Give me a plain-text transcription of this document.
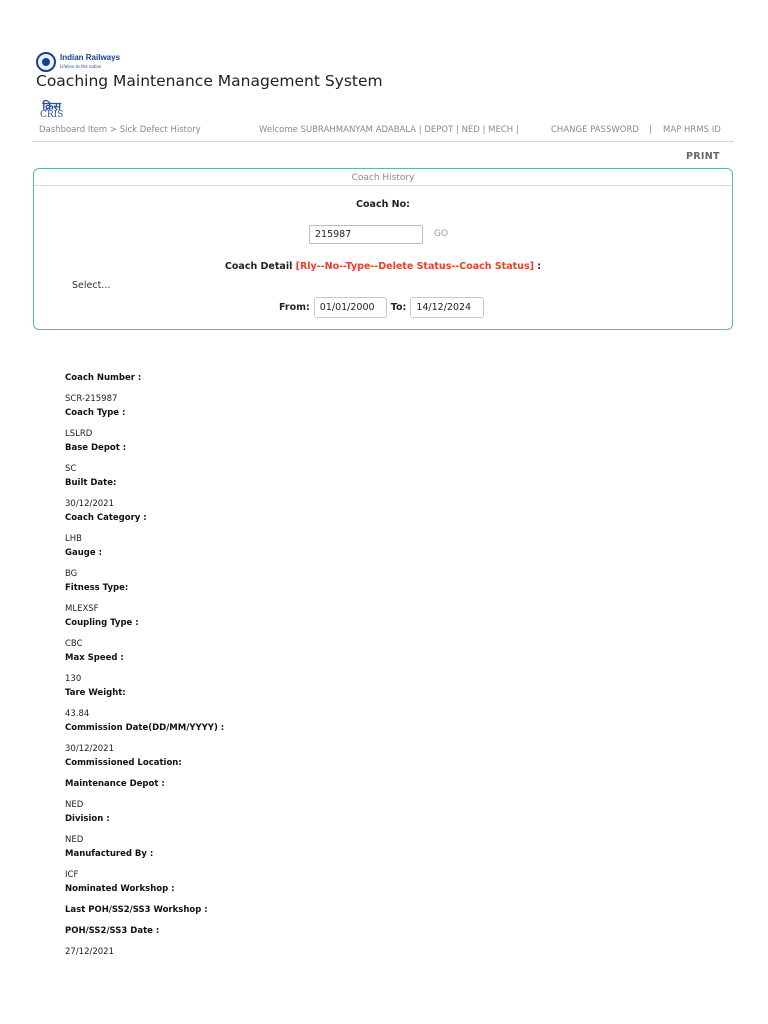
Indian Railways
Lifeline to the nation
Coaching Maintenance Management System
क्रिस
CRIS
Dashboard Item > Sick Defect History	Welcome SUBRAHMANYAM ADABALA | DEPOT | NED | MECH |	CHANGE PASSWORD | MAP HRMS ID
PRINT
Coach History
Coach No:
215987
GO
Coach Detail [Rly--No--Type--Delete Status--Coach Status] :
Select...
From:
01/01/2000	To:
14/12/2024
Coach Number :
SCR-215987
Coach Type :
LSLRD
Base Depot :
SC
Built Date:
30/12/2021
Coach Category :
LHB
Gauge :
BG
Fitness Type:
MLEXSF
Coupling Type :
CBC
Max Speed :
130
Tare Weight:
43.84
Commission Date(DD/MM/YYYY) :
30/12/2021
Commissioned Location:
Maintenance Depot :
NED
Division :
NED
Manufactured By :
ICF
Nominated Workshop :
Last POH/SS2/SS3 Workshop :
POH/SS2/SS3 Date :
27/12/2021
